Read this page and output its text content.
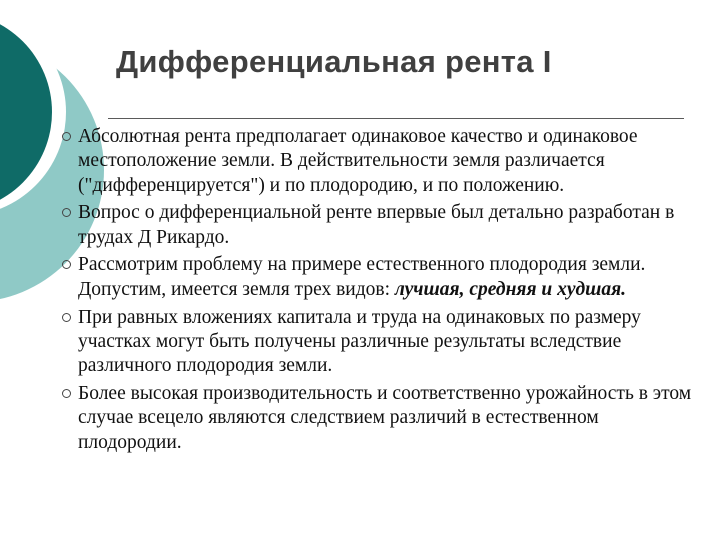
Дифференциальная рента I

Абсолютная рента предполагает одинаковое качество и одинаковое местоположение земли. В действительности земля различается ("дифференцируется") и по плодородию, и по положению.

Вопрос о дифференциальной ренте впервые был детально разработан в трудах Д Рикардо.

Рассмотрим проблему на примере естественного плодородия земли. Допустим, имеется земля трех видов: лучшая, средняя и худшая.

При равных вложениях капитала и труда на одинаковых по размеру участках могут быть получены различные результаты вследствие различного плодородия земли.

Более высокая производительность и соответственно урожайность в этом случае всецело являются следствием различий в естественном плодородии.
